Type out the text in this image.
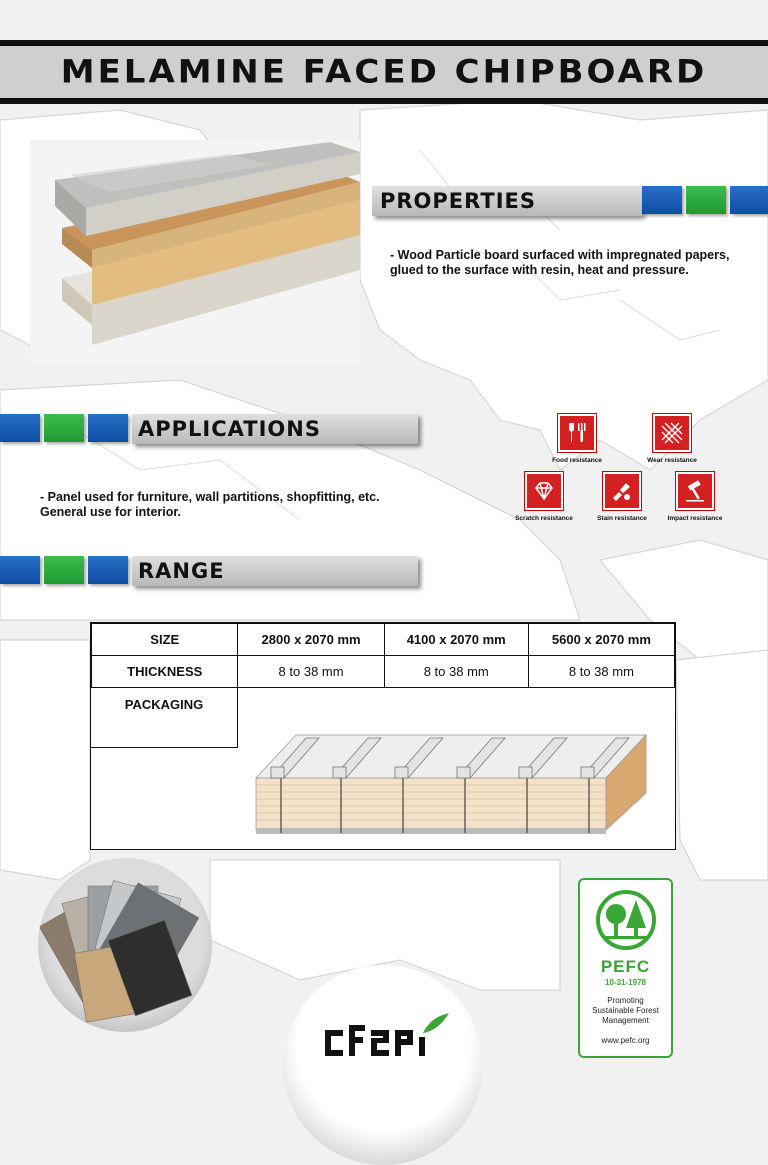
MELAMINE FACED CHIPBOARD
PROPERTIES
- Wood Particle board surfaced with impregnated papers, glued to the surface with resin, heat and pressure.
APPLICATIONS
- Panel used for furniture, wall partitions, shopfitting, etc. General use for interior.
Food resistance	Wear resistance
Scratch resistance	Stain resistance	Impact resistance
RANGE
SIZE	2800 x 2070 mm	4100 x 2070 mm	5600 x 2070 mm
THICKNESS	8 to 38 mm	8 to 38 mm	8 to 38 mm
PACKAGING
PEFC
10-31-1978
Promoting
Sustainable Forest
Management
www.pefc.org
